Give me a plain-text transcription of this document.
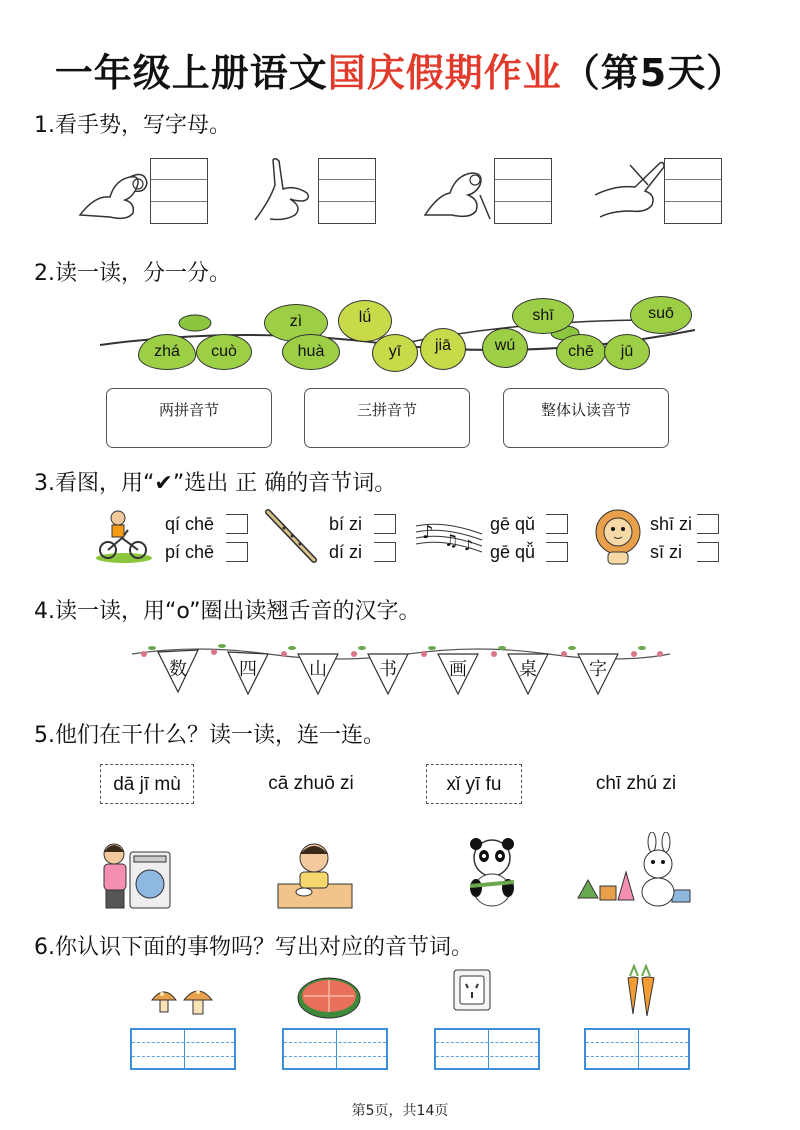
一年级上册语文国庆假期作业（第5天）
1.看手势，写字母。
2.读一读，分一分。
zhá	cuò
zì
huà
lǘ
yī	jiā	wú
shī
chē	jū
suō
两拼音节	三拼音节	整体认读音节
3.看图，用“✔”选出 正 确的音节词。
qí chē
pí chē
bí zi
dí zi
♪ ♫ ♪
gē qǔ
gē qǚ
shī zi
sī zi
4.读一读，用“o”圈出读翘舌音的汉字。
数	四	山	书	画	桌	字
5.他们在干什么？读一读，连一连。
dā jī mù	cā zhuō zi	xǐ yī fu	chī zhú zi
6.你认识下面的事物吗？写出对应的音节词。
第5页，共14页
